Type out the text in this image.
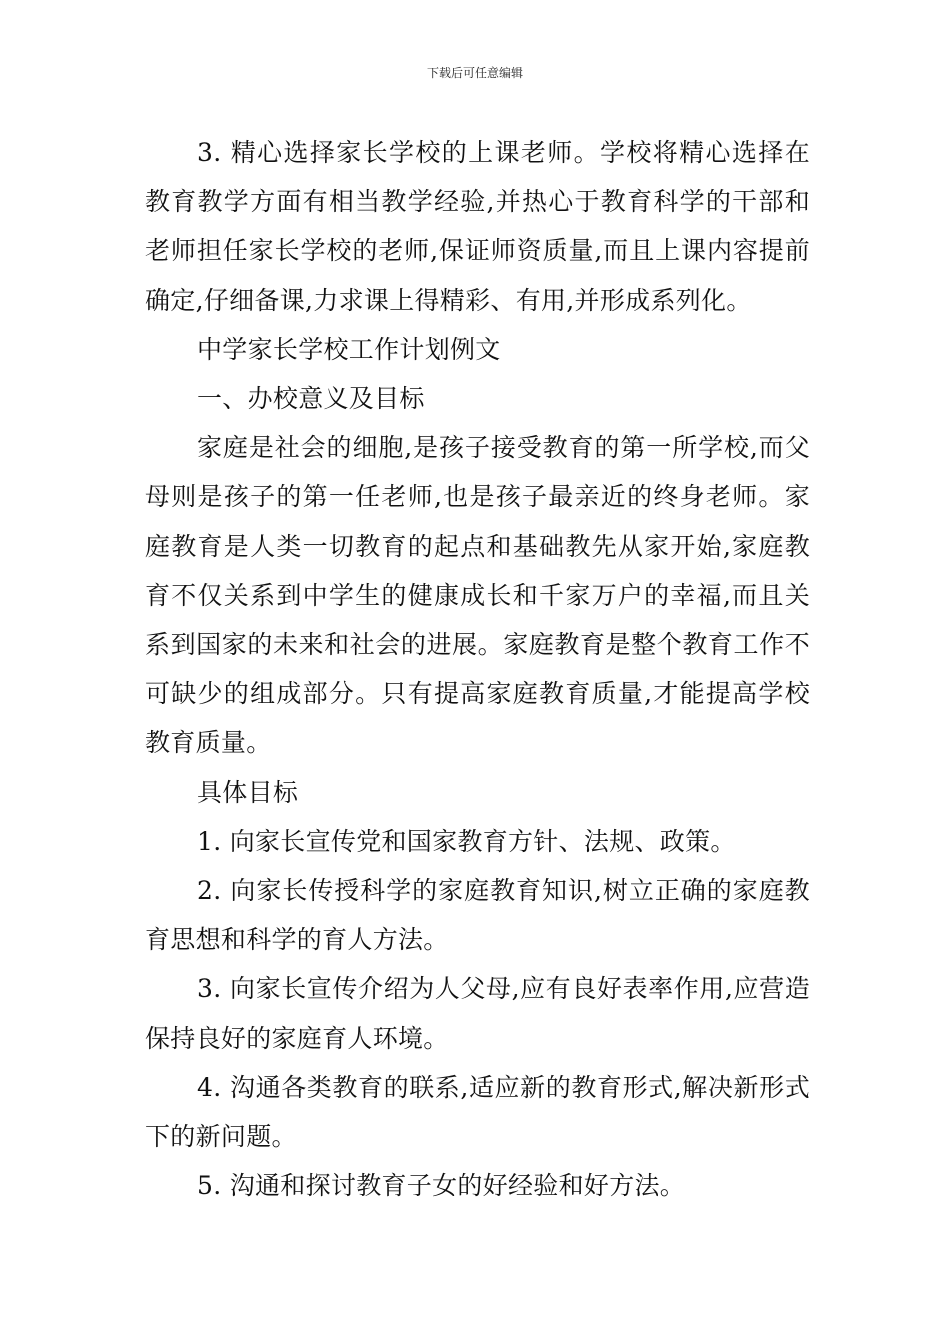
下载后可任意编辑

3. 精心选择家长学校的上课老师。学校将精心选择在教育教学方面有相当教学经验,并热心于教育科学的干部和老师担任家长学校的老师,保证师资质量,而且上课内容提前确定,仔细备课,力求课上得精彩、有用,并形成系列化。

中学家长学校工作计划例文

一、办校意义及目标

家庭是社会的细胞,是孩子接受教育的第一所学校,而父母则是孩子的第一任老师,也是孩子最亲近的终身老师。家庭教育是人类一切教育的起点和基础教先从家开始,家庭教育不仅关系到中学生的健康成长和千家万户的幸福,而且关系到国家的未来和社会的进展。家庭教育是整个教育工作不可缺少的组成部分。只有提高家庭教育质量,才能提高学校教育质量。

具体目标

1. 向家长宣传党和国家教育方针、法规、政策。

2. 向家长传授科学的家庭教育知识,树立正确的家庭教育思想和科学的育人方法。

3. 向家长宣传介绍为人父母,应有良好表率作用,应营造保持良好的家庭育人环境。

4. 沟通各类教育的联系,适应新的教育形式,解决新形式下的新问题。

5. 沟通和探讨教育子女的好经验和好方法。
